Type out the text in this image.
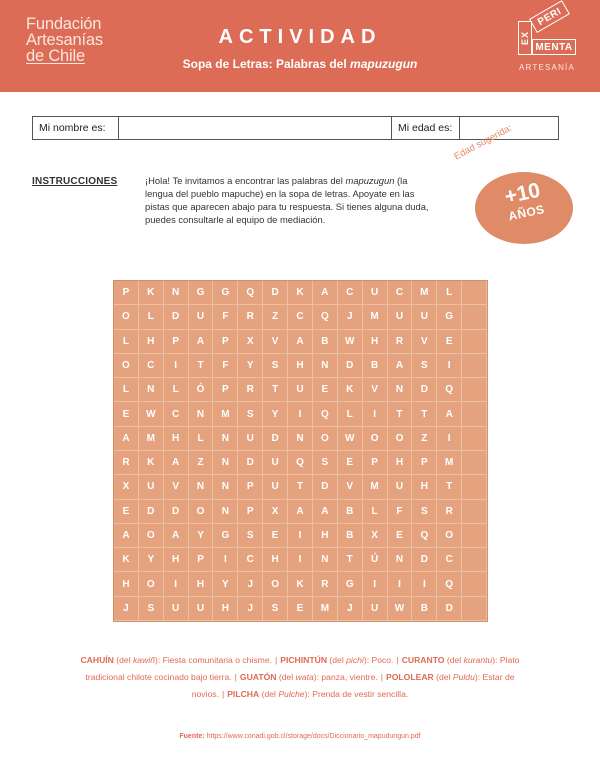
Fundación
Artesanías
de Chile
ACTIVIDAD
Sopa de Letras: Palabras del mapuzugun
EX
PERI
MENTA
ARTESANÍA
Mi nombre es:	Mi edad es:
INSTRUCCIONES	¡Hola! Te invitamos a encontrar las palabras del mapuzugun (la lengua del pueblo mapuche) en la sopa de letras. Apoyate en las pistas que aparecen abajo para tu respuesta. Si tienes alguna duda, puedes consultarle al equipo de mediación.
Edad sugerida:
+10
AÑOS
P	K	N	G	G	Q	D	K	A	C	U	C	M	L
O	L	D	U	F	R	Z	C	Q	J	M	U	U	G
L	H	P	A	P	X	V	A	B	W	H	R	V	E
O	C	I	T	F	Y	S	H	N	D	B	A	S	I
L	N	L	Ó	P	R	T	U	E	K	V	N	D	Q
E	W	C	N	M	S	Y	I	Q	L	I	T	T	A
A	M	H	L	N	U	D	N	O	W	O	O	Z	I
R	K	A	Z	N	D	U	Q	S	E	P	H	P	M
X	U	V	N	N	P	U	T	D	V	M	U	H	T
E	D	D	O	N	P	X	A	A	B	L	F	S	R
A	O	A	Y	G	S	E	I	H	B	X	E	Q	O
K	Y	H	P	I	C	H	I	N	T	Ú	N	D	C
H	O	I	H	Y	J	O	K	R	G	I	I	I	Q
J	S	U	U	H	J	S	E	M	J	U	W	B	D
CAHUÍN (del kawiñ): Fiesta comunitaria o chisme. | PICHINTÚN (del pichi): Poco. | CURANTO (del kurantu): Plato tradicional chilote cocinado bajo tierra. | GUATÓN (del wata): panza, vientre. | POLOLEAR (del Puldu): Estar de novios. | PILCHA (del Pulche): Prenda de vestir sencilla.
Fuente: https://www.conadi.gob.cl/storage/docs/Diccionario_mapudungun.pdf
